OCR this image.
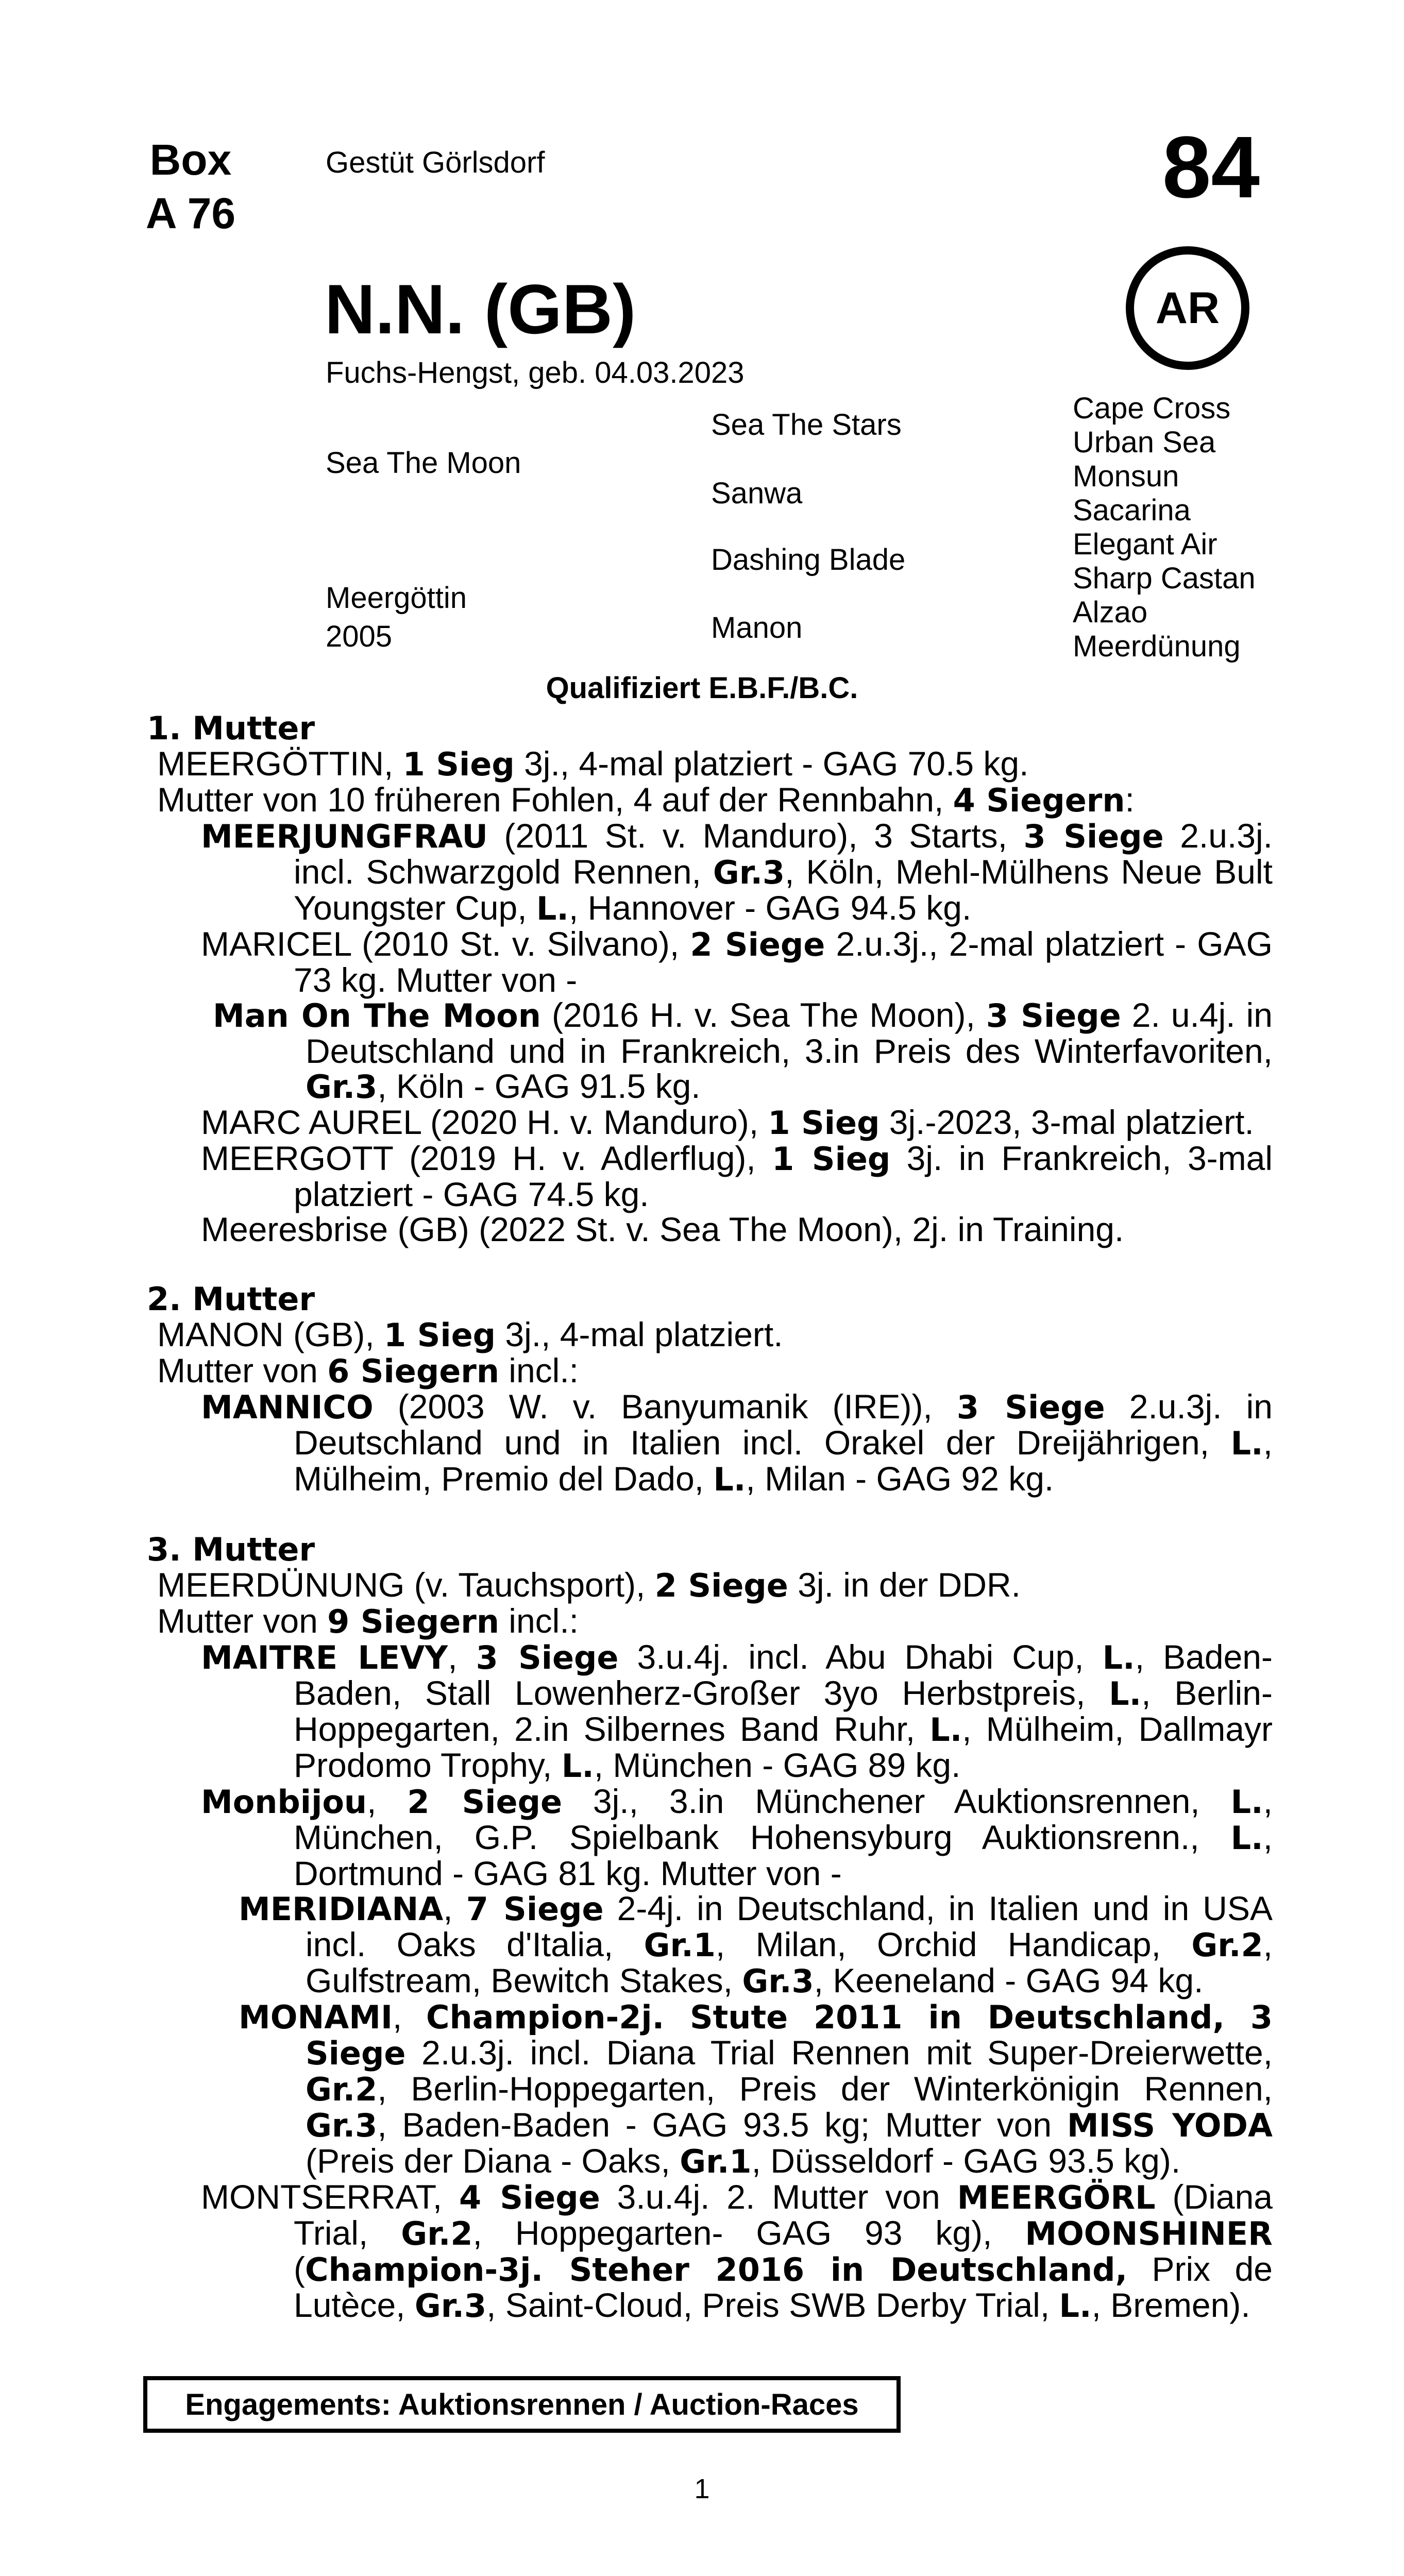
Box
A 76
Gestüt Görlsdorf	84
AR
N.N. (GB)
Fuchs-Hengst, geb. 04.03.2023
Sea The Moon
Meergöttin
2005
Sea The Stars
Sanwa
Dashing Blade
Manon
Cape Cross
Urban Sea
Monsun
Sacarina
Elegant Air
Sharp Castan
Alzao
Meerdünung
Qualifiziert E.B.F./B.C.
1. Mutter

MEERGÖTTIN, 1 Sieg 3j., 4-mal platziert - GAG 70.5 kg.

Mutter von 10 früheren Fohlen, 4 auf der Rennbahn, 4 Siegern:

MEERJUNGFRAU (2011 St. v. Manduro), 3 Starts, 3 Siege 2.u.3j. incl. Schwarzgold Rennen, Gr.3, Köln, Mehl-Mülhens Neue Bult Youngster Cup, L., Hannover - GAG 94.5 kg.

MARICEL (2010 St. v. Silvano), 2 Siege 2.u.3j., 2-mal platziert - GAG 73 kg. Mutter von -

Man On The Moon (2016 H. v. Sea The Moon), 3 Siege 2. u.4j. in Deutschland und in Frankreich, 3.in Preis des Winterfavoriten, Gr.3, Köln - GAG 91.5 kg.

MARC AUREL (2020 H. v. Manduro), 1 Sieg 3j.-2023, 3-mal platziert.

MEERGOTT (2019 H. v. Adlerflug), 1 Sieg 3j. in Frankreich, 3-mal platziert - GAG 74.5 kg.

Meeresbrise (GB) (2022 St. v. Sea The Moon), 2j. in Training.

2. Mutter

MANON (GB), 1 Sieg 3j., 4-mal platziert.

Mutter von 6 Siegern incl.:

MANNICO (2003 W. v. Banyumanik (IRE)), 3 Siege 2.u.3j. in Deutschland und in Italien incl. Orakel der Dreijährigen, L., Mülheim, Premio del Dado, L., Milan - GAG 92 kg.

3. Mutter

MEERDÜNUNG (v. Tauchsport), 2 Siege 3j. in der DDR.

Mutter von 9 Siegern incl.:

MAITRE LEVY, 3 Siege 3.u.4j. incl. Abu Dhabi Cup, L., Baden-Baden, Stall Lowenherz-Großer 3yo Herbstpreis, L., Berlin-Hoppegarten, 2.in Silbernes Band Ruhr, L., Mülheim, Dallmayr Prodomo Trophy, L., München - GAG 89 kg.

Monbijou, 2 Siege 3j., 3.in Münchener Auktionsrennen, L., München, G.P. Spielbank Hohensyburg Auktionsrenn., L., Dortmund - GAG 81 kg. Mutter von -

MERIDIANA, 7 Siege 2-4j. in Deutschland, in Italien und in USA incl. Oaks d'Italia, Gr.1, Milan, Orchid Handicap, Gr.2, Gulfstream, Bewitch Stakes, Gr.3, Keeneland - GAG 94 kg.

MONAMI, Champion-2j. Stute 2011 in Deutschland, 3 Siege 2.u.3j. incl. Diana Trial Rennen mit Super-Dreierwette, Gr.2, Berlin-Hoppegarten, Preis der Winterkönigin Rennen, Gr.3, Baden-Baden - GAG 93.5 kg; Mutter von MISS YODA (Preis der Diana - Oaks, Gr.1, Düsseldorf - GAG 93.5 kg).

MONTSERRAT, 4 Siege 3.u.4j. 2. Mutter von MEERGÖRL (Diana Trial, Gr.2, Hoppegarten- GAG 93 kg), MOONSHINER (Champion-3j. Steher 2016 in Deutschland, Prix de Lutèce, Gr.3, Saint-Cloud, Preis SWB Derby Trial, L., Bremen).

Engagements: Auktionsrennen / Auction-Races
1
